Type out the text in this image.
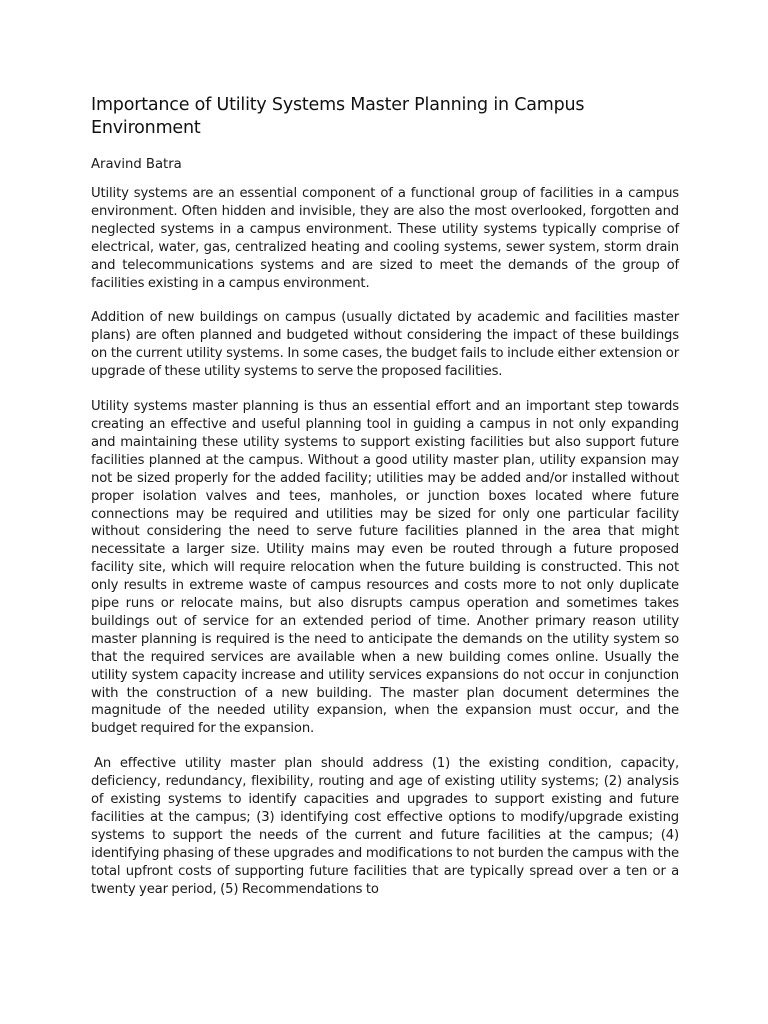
Importance of Utility Systems Master Planning in Campus Environment

Aravind Batra

Utility systems are an essential component of a functional group of facilities in a campus environment. Often hidden and invisible, they are also the most overlooked, forgotten and neglected systems in a campus environment. These utility systems typically comprise of electrical, water, gas, centralized heating and cooling systems, sewer system, storm drain and telecommunications systems and are sized to meet the demands of the group of facilities existing in a campus environment.

Addition of new buildings on campus (usually dictated by academic and facilities master plans) are often planned and budgeted without considering the impact of these buildings on the current utility systems. In some cases, the budget fails to include either extension or upgrade of these utility systems to serve the proposed facilities.

Utility systems master planning is thus an essential effort and an important step towards creating an effective and useful planning tool in guiding a campus in not only expanding and maintaining these utility systems to support existing facilities but also support future facilities planned at the campus. Without a good utility master plan, utility expansion may not be sized properly for the added facility; utilities may be added and/or installed without proper isolation valves and tees, manholes, or junction boxes located where future connections may be required and utilities may be sized for only one particular facility without considering the need to serve future facilities planned in the area that might necessitate a larger size. Utility mains may even be routed through a future proposed facility site, which will require relocation when the future building is constructed. This not only results in extreme waste of campus resources and costs more to not only duplicate pipe runs or relocate mains, but also disrupts campus operation and sometimes takes buildings out of service for an extended period of time. Another primary reason utility master planning is required is the need to anticipate the demands on the utility system so that the required services are available when a new building comes online. Usually the utility system capacity increase and utility services expansions do not occur in conjunction with the construction of a new building. The master plan document determines the magnitude of the needed utility expansion, when the expansion must occur, and the budget required for the expansion.

An effective utility master plan should address (1) the existing condition, capacity, deficiency, redundancy, flexibility, routing and age of existing utility systems; (2) analysis of existing systems to identify capacities and upgrades to support existing and future facilities at the campus; (3) identifying cost effective options to modify/upgrade existing systems to support the needs of the current and future facilities at the campus; (4) identifying phasing of these upgrades and modifications to not burden the campus with the total upfront costs of supporting future facilities that are typically spread over a ten or a twenty year period, (5) Recommendations to
